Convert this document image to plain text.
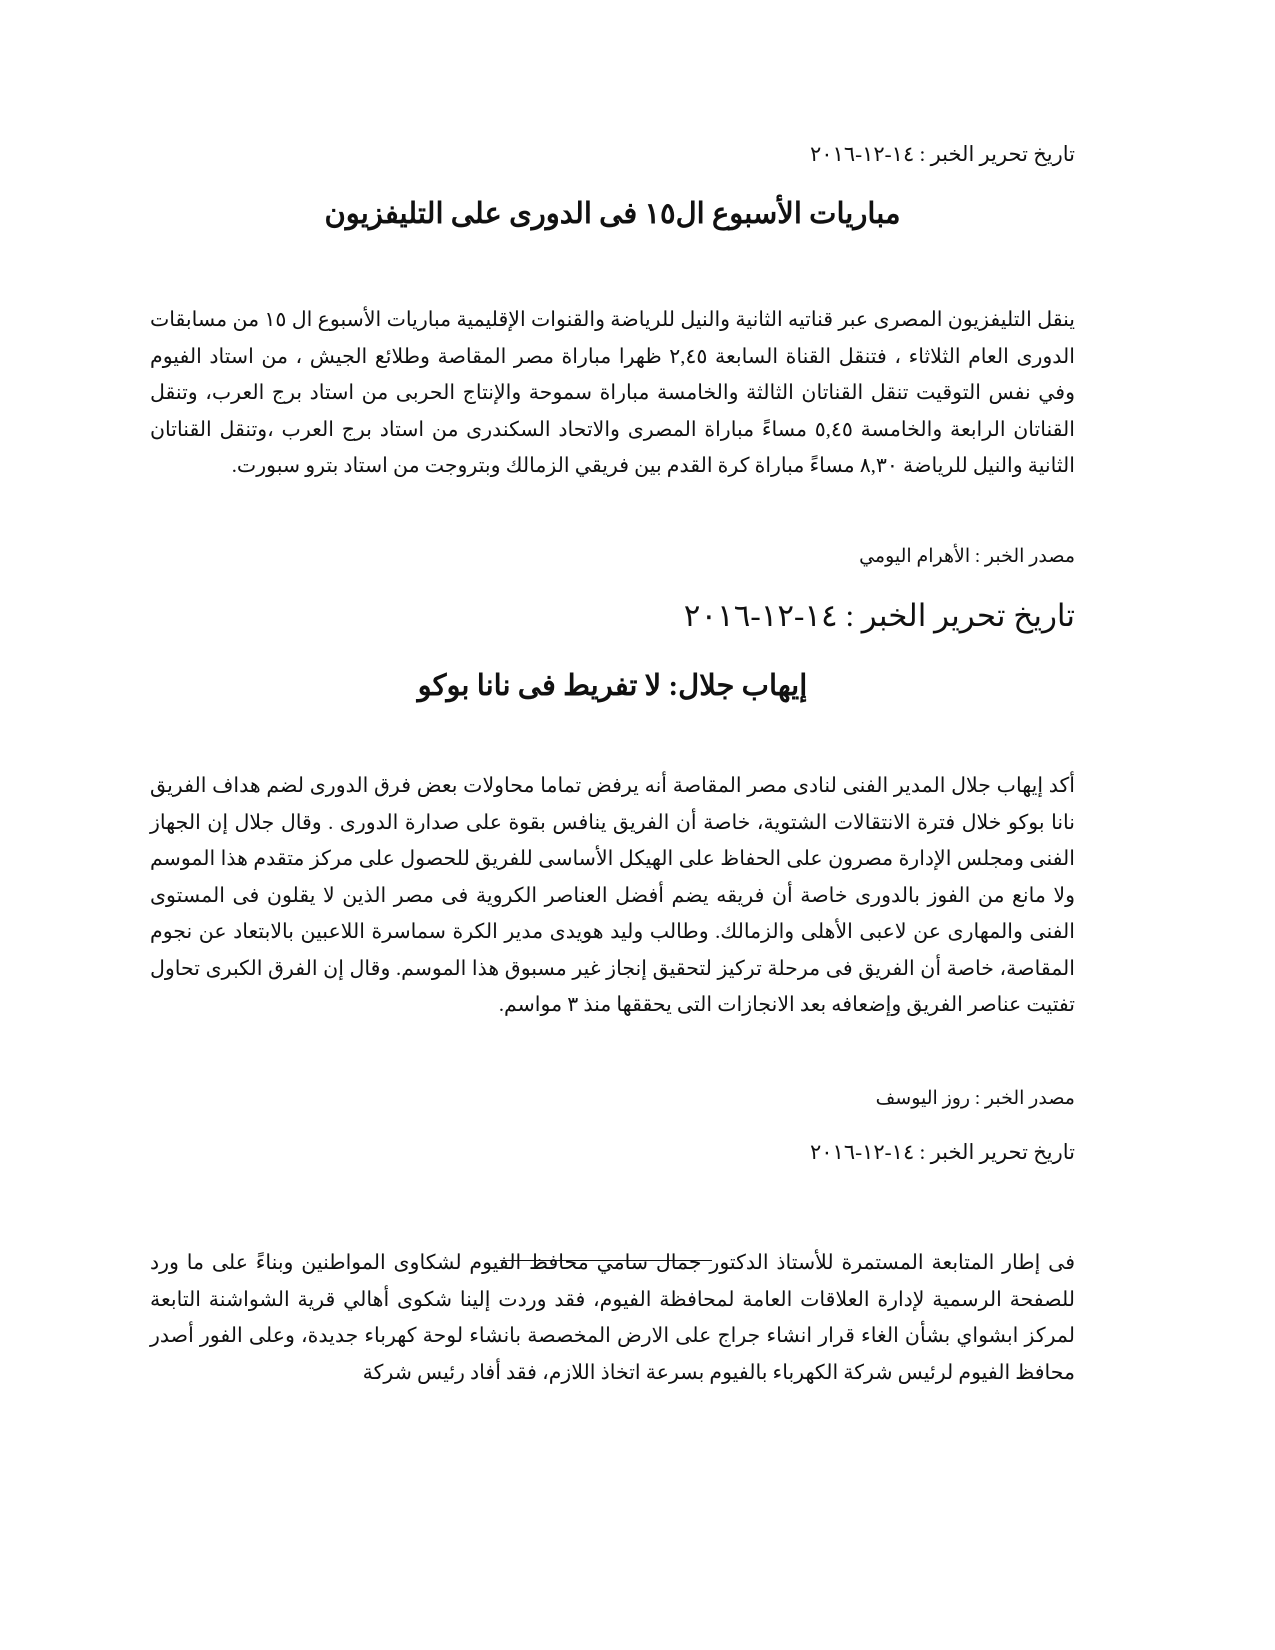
تاريخ تحرير الخبر : ١٤-١٢-٢٠١٦

مباريات الأسبوع ال١٥ فى الدورى على التليفزيون

ينقل التليفزيون المصرى عبر قناتيه الثانية والنيل للرياضة والقنوات الإقليمية مباريات الأسبوع ال ١٥ من مسابقات الدورى العام الثلاثاء ، فتنقل القناة السابعة ٢,٤٥ ظهرا مباراة مصر المقاصة وطلائع الجيش ، من استاد الفيوم وفي نفس التوقيت تنقل القناتان الثالثة والخامسة مباراة سموحة والإنتاج الحربى من استاد برج العرب، وتنقل القناتان الرابعة والخامسة ٥,٤٥ مساءً مباراة المصرى والاتحاد السكندرى من استاد برج العرب ،وتنقل القناتان الثانية والنيل للرياضة ٨,٣٠ مساءً مباراة كرة القدم بين فريقي الزمالك وبتروجت من استاد بترو سبورت.

مصدر الخبر : الأهرام اليومي

تاريخ تحرير الخبر : ١٤-١٢-٢٠١٦

إيهاب جلال: لا تفريط فى نانا بوكو

أكد إيهاب جلال المدير الفنى لنادى مصر المقاصة أنه يرفض تماما محاولات بعض فرق الدورى لضم هداف الفريق نانا بوكو خلال فترة الانتقالات الشتوية، خاصة أن الفريق ينافس بقوة على صدارة الدورى . وقال جلال إن الجهاز الفنى ومجلس الإدارة مصرون على الحفاظ على الهيكل الأساسى للفريق للحصول على مركز متقدم هذا الموسم ولا مانع من الفوز بالدورى خاصة أن فريقه يضم أفضل العناصر الكروية فى مصر الذين لا يقلون فى المستوى الفنى والمهارى عن لاعبى الأهلى والزمالك. وطالب وليد هويدى مدير الكرة سماسرة اللاعبين بالابتعاد عن نجوم المقاصة، خاصة أن الفريق فى مرحلة تركيز لتحقيق إنجاز غير مسبوق هذا الموسم. وقال إن الفرق الكبرى تحاول تفتيت عناصر الفريق وإضعافه بعد الانجازات التى يحققها منذ ٣ مواسم.

مصدر الخبر : روز اليوسف

تاريخ تحرير الخبر : ١٤-١٢-٢٠١٦

فى إطار المتابعة المستمرة للأستاذ الدكتور جمال سامي محافظ الفيوم لشكاوى المواطنين وبناءً على ما ورد للصفحة الرسمية لإدارة العلاقات العامة لمحافظة الفيوم، فقد وردت إلينا شكوى أهالي قرية الشواشنة التابعة لمركز ابشواي بشأن الغاء قرار انشاء جراج على الارض المخصصة بانشاء لوحة كهرباء جديدة، وعلى الفور أصدر محافظ الفيوم لرئيس شركة الكهرباء بالفيوم بسرعة اتخاذ اللازم، فقد أفاد رئيس شركة
